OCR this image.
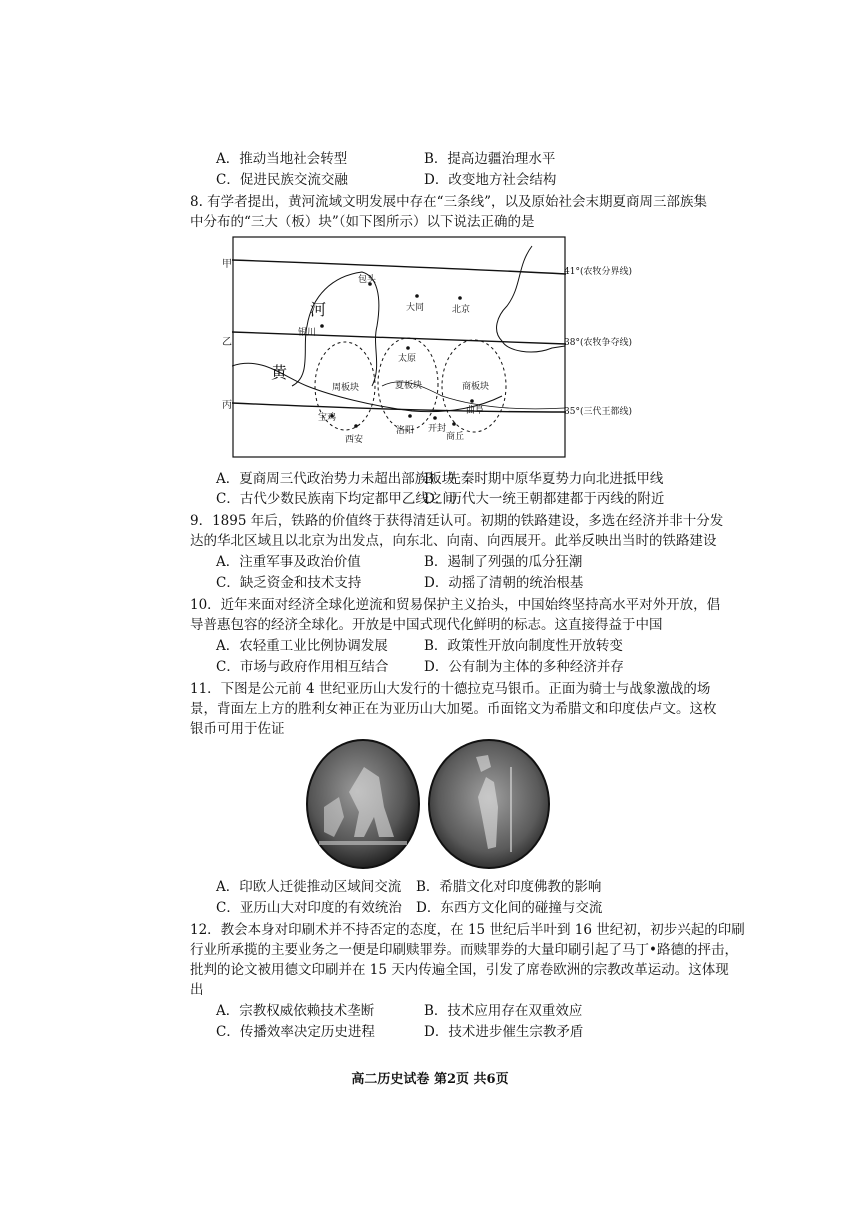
A．推动当地社会转型	B．提高边疆治理水平
C．促进民族交流交融	D．改变地方社会结构
8. 有学者提出，黄河流域文明发展中存在“三条线”，以及原始社会末期夏商周三部族集
中分布的“三大（板）块”（如下图所示）以下说法正确的是
甲
乙
丙
41°(农牧分界线)
38°(农牧争夺线)
35°(三代王都线)
河
黄
包头
大同	北京
银川
太原
周板块	夏板块	商板块
宝鸡
西安
洛阳 开封
商丘
曲阜
A．夏商周三代政治势力未超出部族板块
B．先秦时期中原华夏势力向北进抵甲线
C．古代少数民族南下均定都甲乙线之间
D．历代大一统王朝都建都于丙线的附近
9．1895 年后，铁路的价值终于获得清廷认可。初期的铁路建设，多选在经济并非十分发
达的华北区域且以北京为出发点，向东北、向南、向西展开。此举反映出当时的铁路建设
A．注重军事及政治价值	B．遏制了列强的瓜分狂潮
C．缺乏资金和技术支持	D．动摇了清朝的统治根基
10．近年来面对经济全球化逆流和贸易保护主义抬头，中国始终坚持高水平对外开放，倡
导普惠包容的经济全球化。开放是中国式现代化鲜明的标志。这直接得益于中国
A．农轻重工业比例协调发展	B．政策性开放向制度性开放转变
C．市场与政府作用相互结合	D．公有制为主体的多种经济并存
11．下图是公元前 4 世纪亚历山大发行的十德拉克马银币。正面为骑士与战象激战的场
景，背面左上方的胜利女神正在为亚历山大加冕。币面铭文为希腊文和印度佉卢文。这枚
银币可用于佐证
A．印欧人迁徙推动区域间交流 B．希腊文化对印度佛教的影响
C．亚历山大对印度的有效统治 D．东西方文化间的碰撞与交流
12．教会本身对印刷术并不持否定的态度，在 15 世纪后半叶到 16 世纪初，初步兴起的印刷
行业所承揽的主要业务之一便是印刷赎罪券。而赎罪券的大量印刷引起了马丁•路德的抨击，
批判的论文被用德文印刷并在 15 天内传遍全国，引发了席卷欧洲的宗教改革运动。这体现
出
A．宗教权威依赖技术垄断	B．技术应用存在双重效应
C．传播效率决定历史进程	D．技术进步催生宗教矛盾
高二历史试卷 第2页 共6页
